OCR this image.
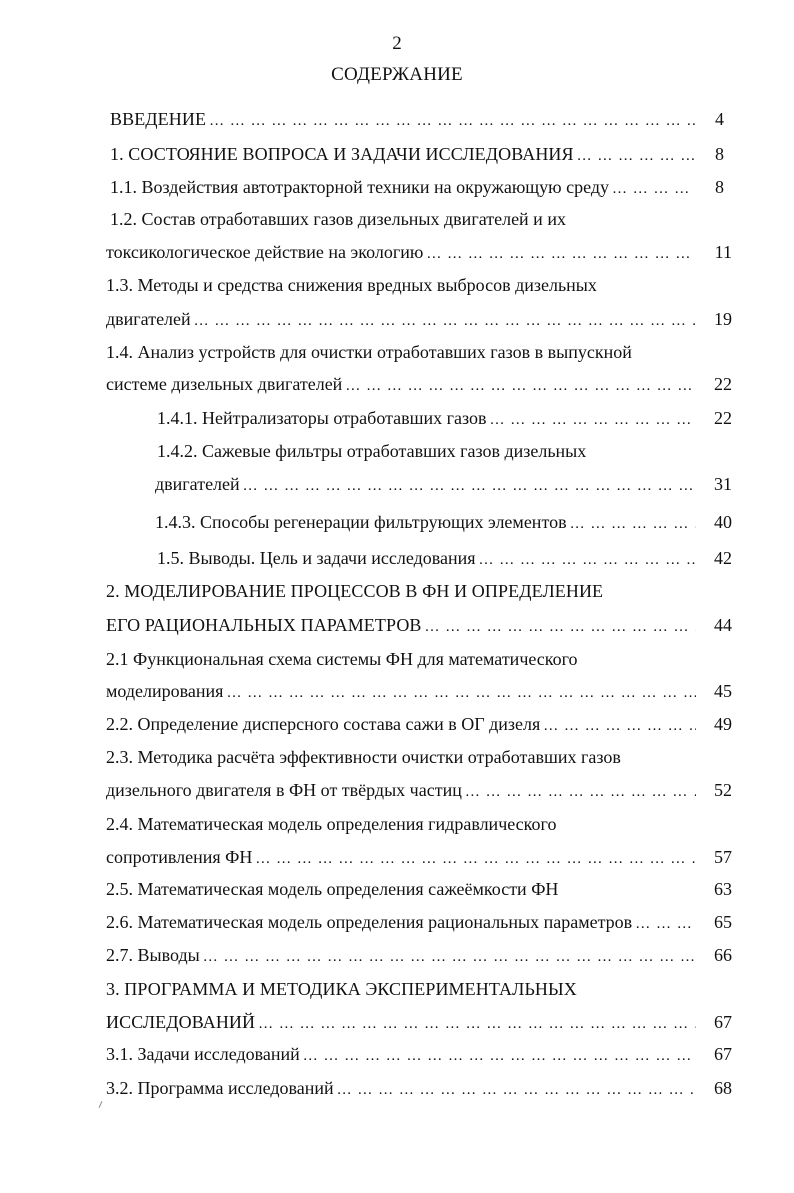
2
СОДЕРЖАНИЕ
ВВЕДЕНИЕ … … … … … … … … … … … … … … … … … … … … … … … … … … … … … … … … … … … … … … … … … … … … … … … … … … … …	4
1. СОСТОЯНИЕ ВОПРОСА И ЗАДАЧИ ИССЛЕДОВАНИЯ … … … … … … … … … … … … … … … … … … … … … … … … … … … … … … … … … … … … … … … … … … … … … … … … … … … …	8
1.1. Воздействия автотракторной техники на окружающую среду … … … … … … … … … … … … … … … … … … … … … … … … … … … … … … … … … … … … … … … … … … … … … … … … … … … …	8
1.2. Состав отработавших газов дизельных двигателей и их
токсикологическое действие на экологию … … … … … … … … … … … … … … … … … … … … … … … … … … … … … … … … … … … … … … … … … … … … … … … … … … … …	11
1.3. Методы и средства снижения вредных выбросов дизельных
двигателей … … … … … … … … … … … … … … … … … … … … … … … … … … … … … … … … … … … … … … … … … … … … … … … … … … … …	19
1.4. Анализ устройств для очистки отработавших газов в выпускной
системе дизельных двигателей … … … … … … … … … … … … … … … … … … … … … … … … … … … … … … … … … … … … … … … … … … … … … … … … … … … …	22
1.4.1. Нейтрализаторы отработавших газов … … … … … … … … … … … … … … … … … … … … … … … … … … … … … … … … … … … … … … … … … … … … … … … … … … … …	22
1.4.2. Сажевые фильтры отработавших газов дизельных
двигателей … … … … … … … … … … … … … … … … … … … … … … … … … … … … … … … … … … … … … … … … … … … … … … … … … … … …	31
1.4.3. Способы регенерации фильтрующих элементов … … … … … … … … … … … … … … … … … … … … … … … … … … … … … … … … … … … … … … … … … … … … … … … … … … … …	40
1.5. Выводы. Цель и задачи исследования … … … … … … … … … … … … … … … … … … … … … … … … … … … … … … … … … … … … … … … … … … … … … … … … … … … …	42
2. МОДЕЛИРОВАНИЕ ПРОЦЕССОВ В ФН И ОПРЕДЕЛЕНИЕ
ЕГО РАЦИОНАЛЬНЫХ ПАРАМЕТРОВ … … … … … … … … … … … … … … … … … … … … … … … … … … … … … … … … … … … … … … … … … … … … … … … … … … … …	44
2.1 Функциональная схема системы ФН для математического
моделирования … … … … … … … … … … … … … … … … … … … … … … … … … … … … … … … … … … … … … … … … … … … … … … … … … … … …	45
2.2. Определение дисперсного состава сажи в ОГ дизеля … … … … … … … … … … … … … … … … … … … … … … … … … … … … … … … … … … … … … … … … … … … … … … … … … … … …	49
2.3. Методика расчёта эффективности очистки отработавших газов
дизельного двигателя в ФН от твёрдых частиц … … … … … … … … … … … … … … … … … … … … … … … … … … … … … … … … … … … … … … … … … … … … … … … … … … … …	52
2.4. Математическая модель определения гидравлического
сопротивления ФН … … … … … … … … … … … … … … … … … … … … … … … … … … … … … … … … … … … … … … … … … … … … … … … … … … … …	57
2.5. Математическая модель определения сажеёмкости ФН	63
2.6. Математическая модель определения рациональных параметров … … … … … … … … … … … … … … … … … … … … … … … … … … … … … … … … … … … … … … … … … … … … … … … … … … … …	65
2.7. Выводы … … … … … … … … … … … … … … … … … … … … … … … … … … … … … … … … … … … … … … … … … … … … … … … … … … … …	66
3. ПРОГРАММА И МЕТОДИКА ЭКСПЕРИМЕНТАЛЬНЫХ
ИССЛЕДОВАНИЙ … … … … … … … … … … … … … … … … … … … … … … … … … … … … … … … … … … … … … … … … … … … … … … … … … … … …	67
3.1. Задачи исследований … … … … … … … … … … … … … … … … … … … … … … … … … … … … … … … … … … … … … … … … … … … … … … … … … … … …	67
3.2. Программа исследований … … … … … … … … … … … … … … … … … … … … … … … … … … … … … … … … … … … … … … … … … … … … … … … … … … … …	68
